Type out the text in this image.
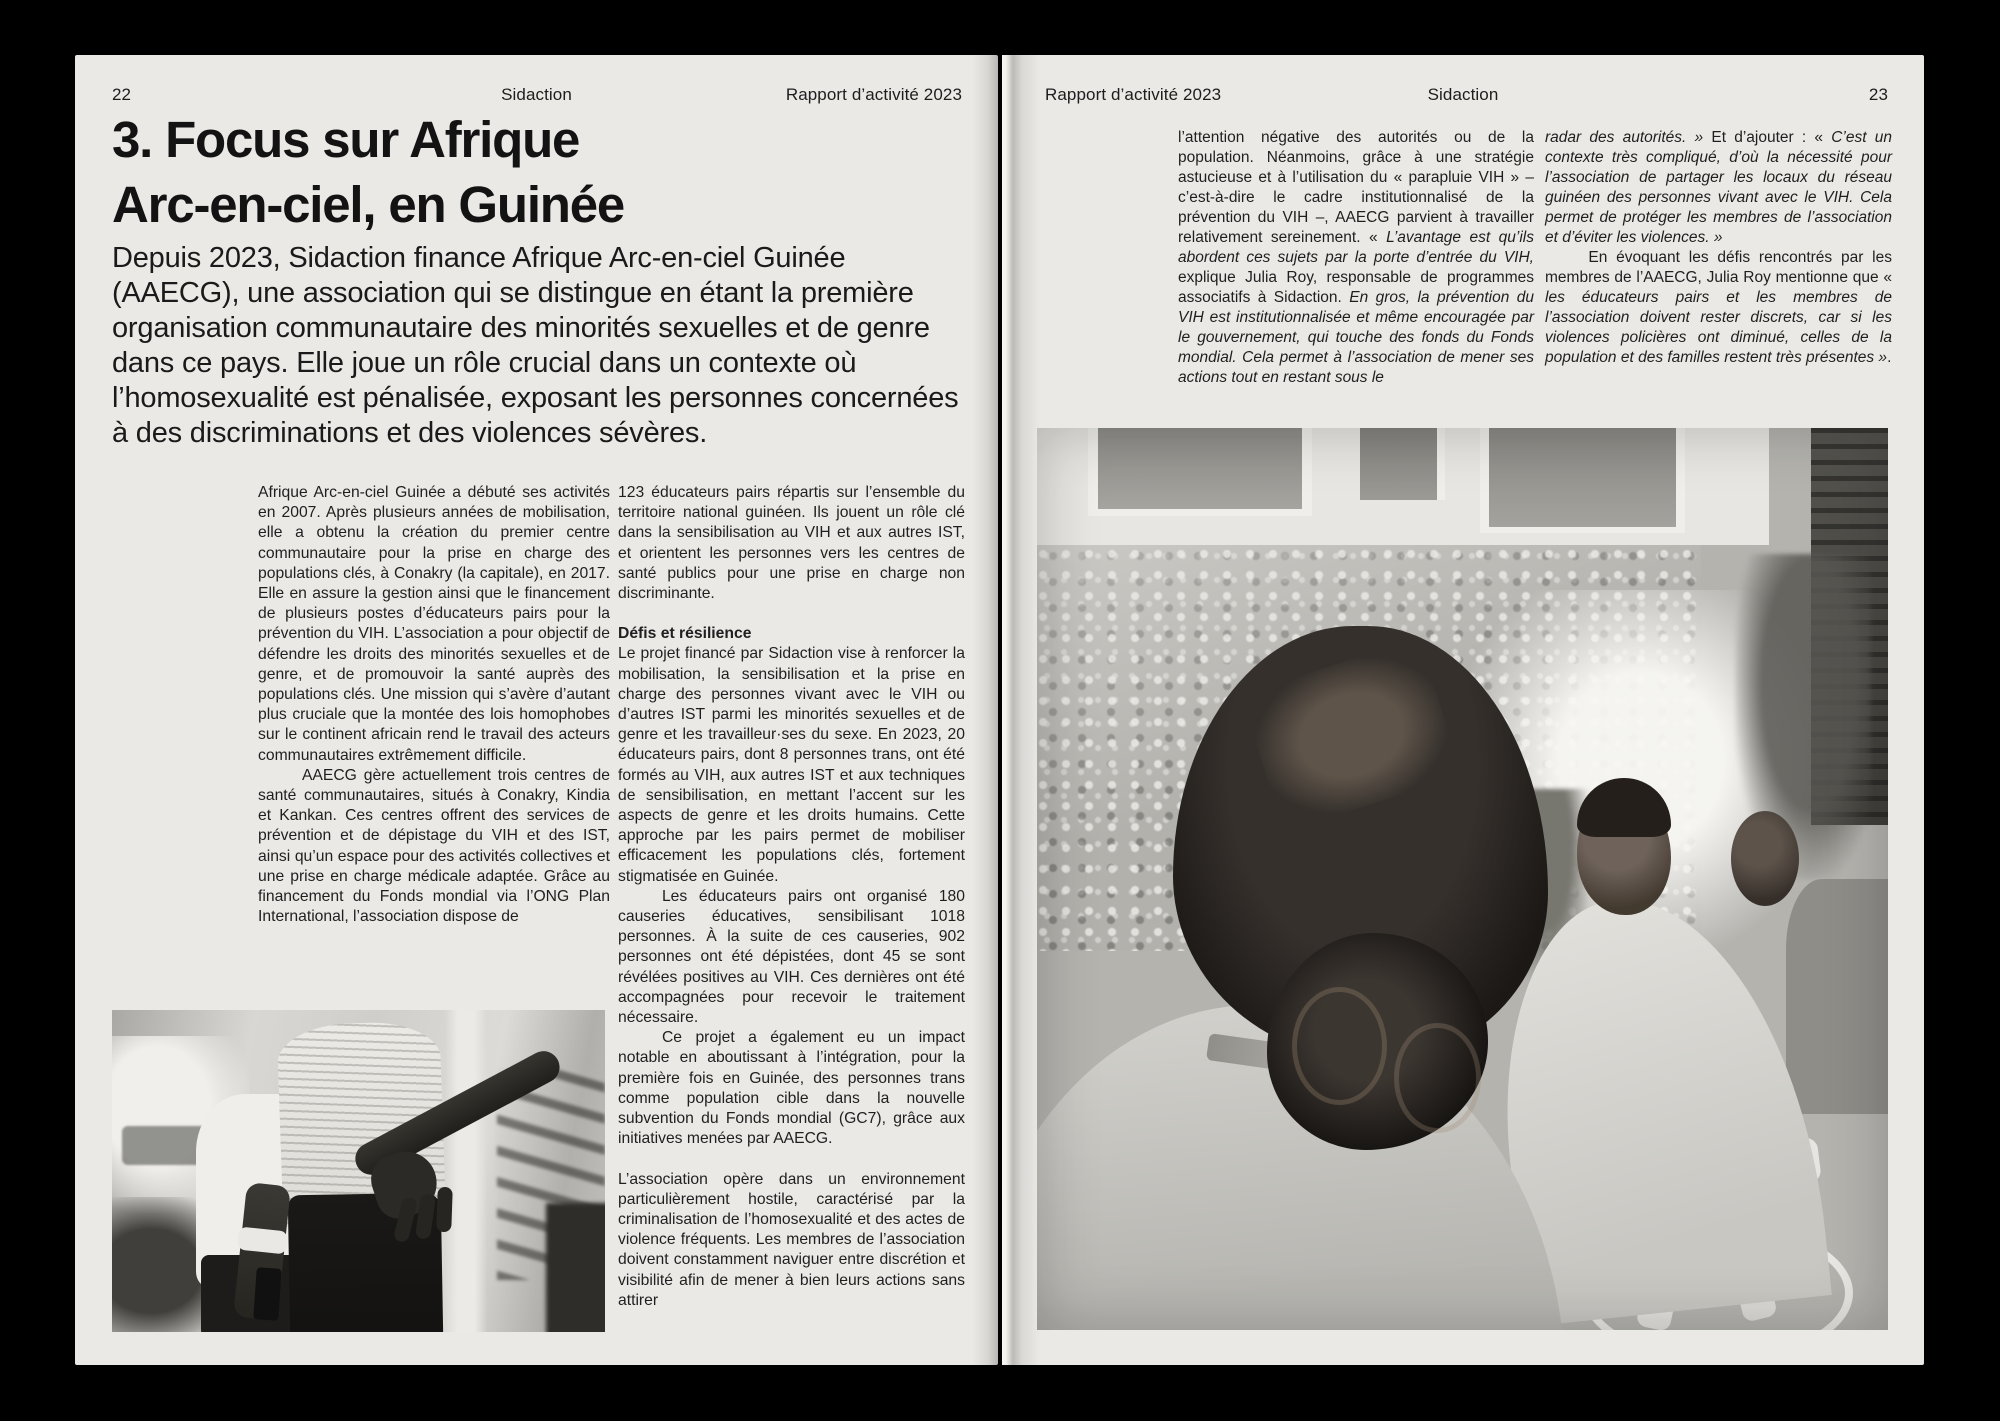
22	Sidaction	Rapport d’activité 2023
3. Focus sur Afrique
Arc-en-ciel, en Guinée
Depuis 2023, Sidaction finance Afrique Arc-en-ciel Guinée (AAECG), une association qui se distingue en étant la première organisation communautaire des minorités sexuelles et de genre dans ce pays. Elle joue un rôle crucial dans un contexte où l’homosexualité est pénalisée, exposant les personnes concernées à des discriminations et des violences sévères.

Afrique Arc-en-ciel Guinée a débuté ses activités en 2007. Après plusieurs années de mobilisation, elle a obtenu la création du premier centre communautaire pour la prise en charge des populations clés, à Conakry (la capitale), en 2017. Elle en assure la gestion ainsi que le financement de plusieurs postes d’éducateurs pairs pour la prévention du VIH. L’association a pour objectif de défendre les droits des minorités sexuelles et de genre, et de promouvoir la santé auprès des populations clés. Une mission qui s’avère d’autant plus cruciale que la montée des lois homophobes sur le continent africain rend le travail des acteurs communautaires extrêmement difficile.

AAECG gère actuellement trois centres de santé communautaires, situés à Conakry, Kindia et Kankan. Ces centres offrent des services de prévention et de dépistage du VIH et des IST, ainsi qu’un espace pour des activités collectives et une prise en charge médicale adaptée. Grâce au financement du Fonds mondial via l’ONG Plan International, l’association dispose de

123 éducateurs pairs répartis sur l’ensemble du territoire national guinéen. Ils jouent un rôle clé dans la sensibilisation au VIH et aux autres IST, et orientent les personnes vers les centres de santé publics pour une prise en charge non discriminante.

Défis et résilience

Le projet financé par Sidaction vise à renforcer la mobilisation, la sensibilisation et la prise en charge des personnes vivant avec le VIH ou d’autres IST parmi les minorités sexuelles et de genre et les travailleur·ses du sexe. En 2023, 20 éducateurs pairs, dont 8 personnes trans, ont été formés au VIH, aux autres IST et aux techniques de sensibilisation, en mettant l’accent sur les aspects de genre et les droits humains. Cette approche par les pairs permet de mobiliser efficacement les populations clés, fortement stigmatisée en Guinée.

Les éducateurs pairs ont organisé 180 causeries éducatives, sensibilisant 1018 personnes. À la suite de ces causeries, 902 personnes ont été dépistées, dont 45 se sont révélées positives au VIH. Ces dernières ont été accompagnées pour recevoir le traitement nécessaire.

Ce projet a également eu un impact notable en aboutissant à l’intégration, pour la première fois en Guinée, des personnes trans comme population cible dans la nouvelle subvention du Fonds mondial (GC7), grâce aux initiatives menées par AAECG.

L’association opère dans un environnement particulièrement hostile, caractérisé par la criminalisation de l’homosexualité et des actes de violence fréquents. Les membres de l’association doivent constamment naviguer entre discrétion et visibilité afin de mener à bien leurs actions sans attirer

Rapport d’activité 2023	Sidaction	23

l’attention négative des autorités ou de la population. Néanmoins, grâce à une stratégie astucieuse et à l’utilisation du « parapluie VIH » – c’est-à-dire le cadre institutionnalisé de la prévention du VIH –, AAECG parvient à travailler relativement sereinement. « L’avantage est qu’ils abordent ces sujets par la porte d’entrée du VIH, explique Julia Roy, responsable de programmes associatifs à Sidaction. En gros, la prévention du VIH est institutionnalisée et même encouragée par le gouvernement, qui touche des fonds du Fonds mondial. Cela permet à l’association de mener ses actions tout en restant sous le

radar des autorités. » Et d’ajouter : « C’est un contexte très compliqué, d’où la nécessité pour l’association de partager les locaux du réseau guinéen des personnes vivant avec le VIH. Cela permet de protéger les membres de l’association et d’éviter les violences. »

En évoquant les défis rencontrés par les membres de l’AAECG, Julia Roy mentionne que « les éducateurs pairs et les membres de l’association doivent rester discrets, car si les violences policières ont diminué, celles de la population et des familles restent très présentes ».
